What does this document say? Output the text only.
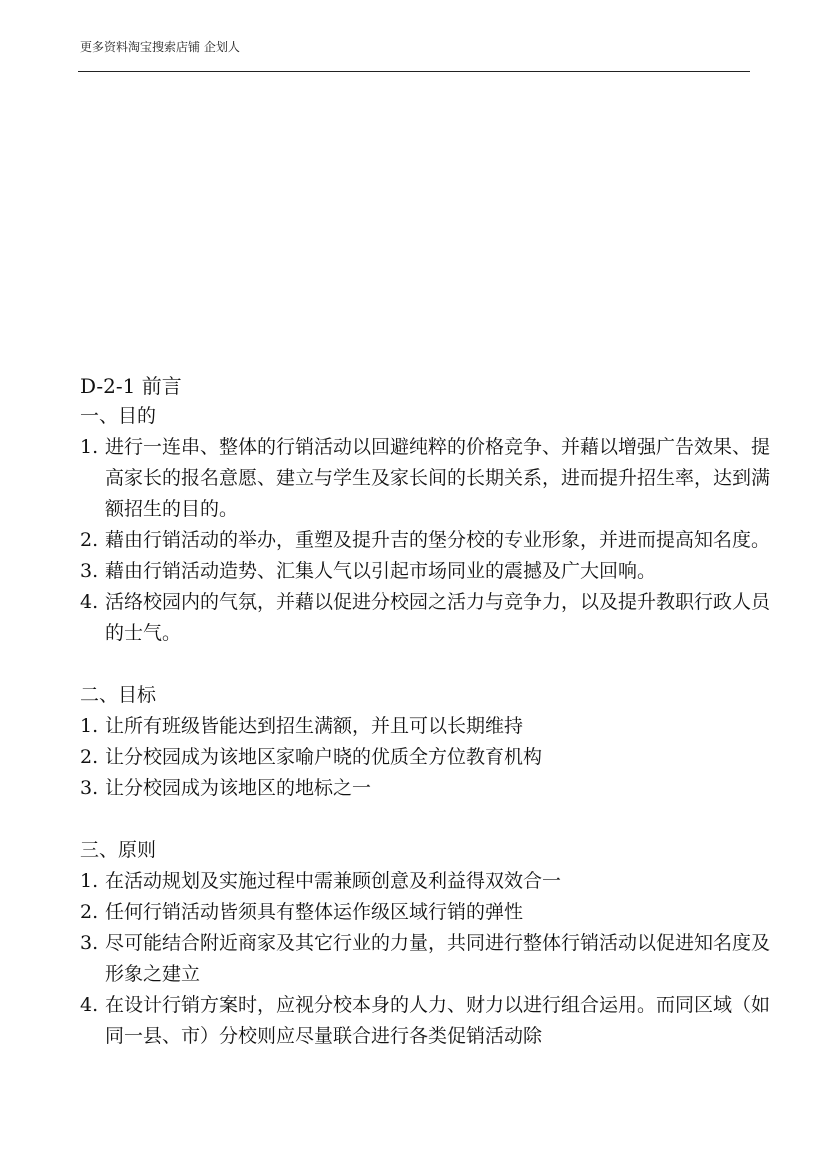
更多资料淘宝搜索店铺 企划人
D-2-1 前言
一、目的

1. 进行一连串、整体的行销活动以回避纯粹的价格竞争、并藉以增强广告效果、提高家长的报名意愿、建立与学生及家长间的长期关系，进而提升招生率，达到满额招生的目的。

2. 藉由行销活动的举办，重塑及提升吉的堡分校的专业形象，并进而提高知名度。

3. 藉由行销活动造势、汇集人气以引起市场同业的震撼及广大回响。

4. 活络校园内的气氛，并藉以促进分校园之活力与竞争力，以及提升教职行政人员的士气。

二、目标

1. 让所有班级皆能达到招生满额，并且可以长期维持

2. 让分校园成为该地区家喻户晓的优质全方位教育机构

3. 让分校园成为该地区的地标之一

三、原则

1. 在活动规划及实施过程中需兼顾创意及利益得双效合一

2. 任何行销活动皆须具有整体运作级区域行销的弹性

3. 尽可能结合附近商家及其它行业的力量，共同进行整体行销活动以促进知名度及形象之建立

4. 在设计行销方案时，应视分校本身的人力、财力以进行组合运用。而同区域（如同一县、市）分校则应尽量联合进行各类促销活动除
